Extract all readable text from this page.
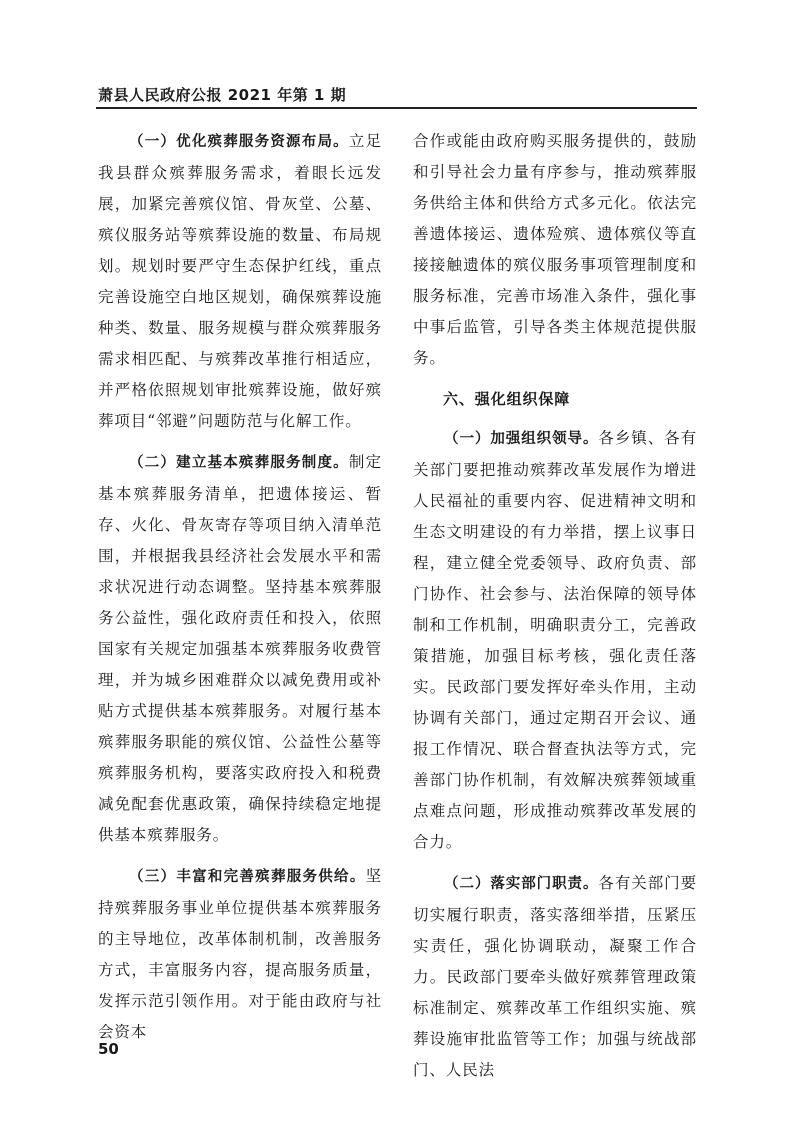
萧县人民政府公报 2021 年第 1 期

（一）优化殡葬服务资源布局。立足我县群众殡葬服务需求，着眼长远发展，加紧完善殡仪馆、骨灰堂、公墓、殡仪服务站等殡葬设施的数量、布局规划。规划时要严守生态保护红线，重点完善设施空白地区规划，确保殡葬设施种类、数量、服务规模与群众殡葬服务需求相匹配、与殡葬改革推行相适应，并严格依照规划审批殡葬设施，做好殡葬项目“邻避”问题防范与化解工作。

（二）建立基本殡葬服务制度。制定基本殡葬服务清单，把遗体接运、暂存、火化、骨灰寄存等项目纳入清单范围，并根据我县经济社会发展水平和需求状况进行动态调整。坚持基本殡葬服务公益性，强化政府责任和投入，依照国家有关规定加强基本殡葬服务收费管理，并为城乡困难群众以减免费用或补贴方式提供基本殡葬服务。对履行基本殡葬服务职能的殡仪馆、公益性公墓等殡葬服务机构，要落实政府投入和税费减免配套优惠政策，确保持续稳定地提供基本殡葬服务。

（三）丰富和完善殡葬服务供给。坚持殡葬服务事业单位提供基本殡葬服务的主导地位，改革体制机制，改善服务方式，丰富服务内容，提高服务质量，发挥示范引领作用。对于能由政府与社会资本

合作或能由政府购买服务提供的，鼓励和引导社会力量有序参与，推动殡葬服务供给主体和供给方式多元化。依法完善遗体接运、遗体殓殡、遗体殡仪等直接接触遗体的殡仪服务事项管理制度和服务标准，完善市场准入条件，强化事中事后监管，引导各类主体规范提供服务。

六、强化组织保障

（一）加强组织领导。各乡镇、各有关部门要把推动殡葬改革发展作为增进人民福祉的重要内容、促进精神文明和生态文明建设的有力举措，摆上议事日程，建立健全党委领导、政府负责、部门协作、社会参与、法治保障的领导体制和工作机制，明确职责分工，完善政策措施，加强目标考核，强化责任落实。民政部门要发挥好牵头作用，主动协调有关部门，通过定期召开会议、通报工作情况、联合督查执法等方式，完善部门协作机制，有效解决殡葬领域重点难点问题，形成推动殡葬改革发展的合力。

（二）落实部门职责。各有关部门要切实履行职责，落实落细举措，压紧压实责任，强化协调联动，凝聚工作合力。民政部门要牵头做好殡葬管理政策标准制定、殡葬改革工作组织实施、殡葬设施审批监管等工作；加强与统战部门、人民法

50
